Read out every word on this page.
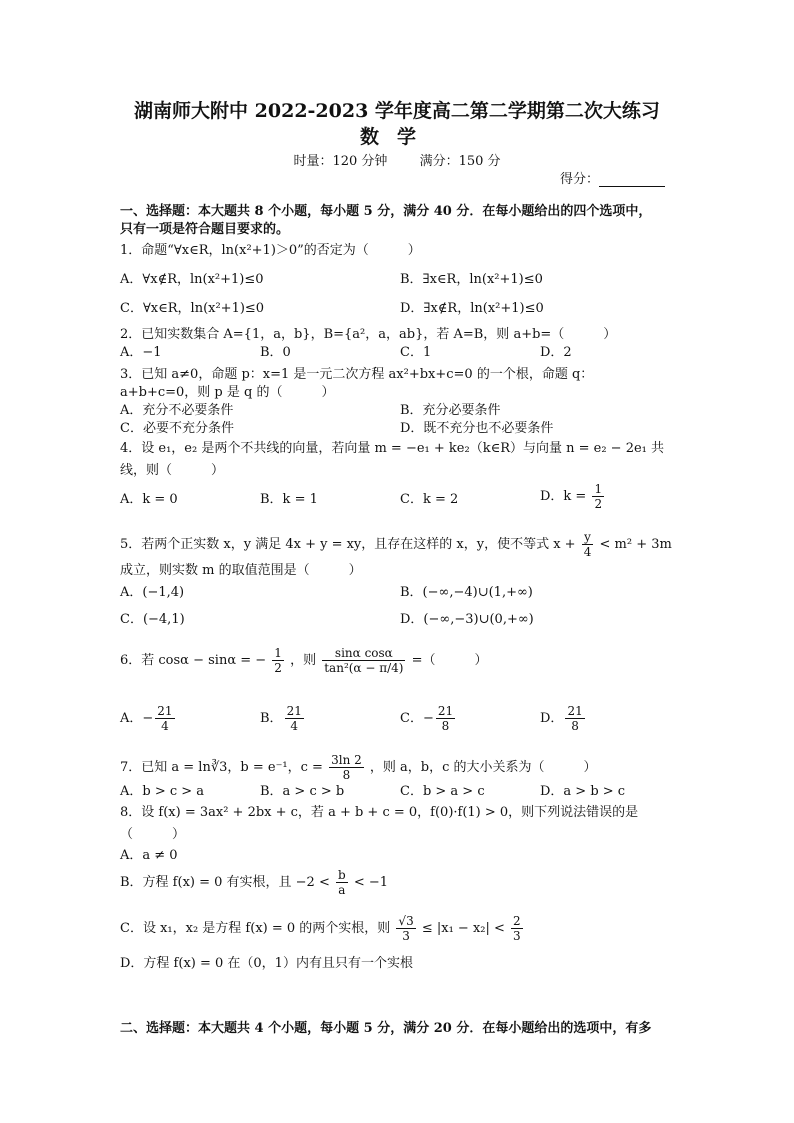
湖南师大附中 2022-2023 学年度高二第二学期第二次大练习
数学
时量：120 分钟 满分：150 分
得分：
一、选择题：本大题共 8 个小题，每小题 5 分，满分 40 分．在每小题给出的四个选项中，
只有一项是符合题目要求的。
1．命题“∀x∈R，ln(x²+1)＞0”的否定为（　　　）
A．∀x∉R，ln(x²+1)≤0	B．∃x∈R，ln(x²+1)≤0
C．∀x∈R，ln(x²+1)≤0	D．∃x∉R，ln(x²+1)≤0
2．已知实数集合 A={1，a，b}，B={a²，a，ab}，若 A=B，则 a+b=（　　　）
A．−1	B．0	C．1	D．2
3．已知 a≠0，命题 p：x=1 是一元二次方程 ax²+bx+c=0 的一个根，命题 q：
a+b+c=0，则 p 是 q 的（　　　）
A．充分不必要条件	B．充分必要条件
C．必要不充分条件	D．既不充分也不必要条件
4．设 e₁，e₂ 是两个不共线的向量，若向量 m = −e₁ + ke₂（k∈R）与向量 n = e₂ − 2e₁ 共
线，则（　　　）
A．k = 0	B．k = 1	C．k = 2	D．$k = \frac{1}{2}$
5．若两个正实数 x，y 满足 4x + y = xy，且存在这样的 x，y，使不等式 $x + \frac{y}{4} < m^2 + 3m$
成立，则实数 m 的取值范围是（　　　）
A．(−1,4)	B．(−∞,−4)∪(1,+∞)
C．(−4,1)	D．(−∞,−3)∪(0,+∞)
6．若 cosα − sinα = − $\frac{1}{2}$ ，则 $\frac{\text{sinα cosα}}{\text{tan²(α − π/4)}}$ =（　　　）
A．− $\frac{21}{4}$	B． $\frac{21}{4}$	C．− $\frac{21}{8}$	D． $\frac{21}{8}$
7．已知 a = ln∛3，b = e⁻¹，$c = \frac{3\ln 2}{8}$ ，则 a，b，c 的大小关系为（　　　）
A．b > c > a	B．a > c > b	C．b > a > c	D．a > b > c
8．设 f(x) = 3ax² + 2bx + c，若 a + b + c = 0，f(0)·f(1) > 0，则下列说法错误的是
（　　　）
A．a ≠ 0
B．方程 f(x) = 0 有实根，且 $-2 < \frac{b}{a} < -1$
C．设 x₁，x₂ 是方程 f(x) = 0 的两个实根，则 $\frac{√3}{3} \le |x_1 - x_2| < \frac{2}{3}$
D．方程 f(x) = 0 在（0，1）内有且只有一个实根
二、选择题：本大题共 4 个小题，每小题 5 分，满分 20 分．在每小题给出的选项中，有多
